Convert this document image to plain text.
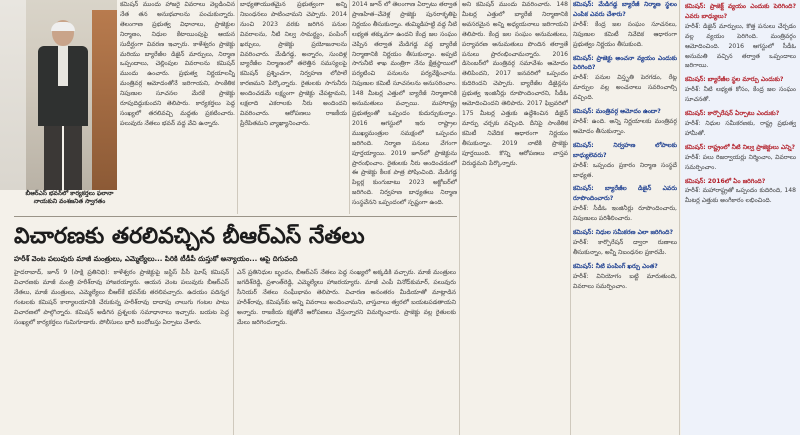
బీఆర్‌ఎస్‌ భవన్‌లో కార్యకర్తలు ఫలానా నాయకుని వంశజనిత స్వాగతం
కమిషన్‌ ముందు హాజరై వివరాలు వెల్లడించిన నేత తన అనుభవాలను పంచుకున్నారు. తెలంగాణ ప్రభుత్వ విధానాలు, ప్రాజెక్టుల నిర్మాణం, నిధుల కేటాయింపుపై ఆయన సుదీర్ఘంగా వివరణ ఇచ్చారు. కాళేశ్వరం ప్రాజెక్టు మరియు బ్యారేజీల డిజైన్‌ మార్పులు, నిర్మాణ ఒప్పందాలు, చెల్లింపుల వివరాలను కమిషన్‌ ముందు ఉంచారు. ప్రభుత్వ నిర్ణయాలన్నీ మంత్రివర్గ ఆమోదంతోనే జరిగాయని, సాంకేతిక నిపుణుల సూచనల మేరకే ప్రాజెక్టు రూపుదిద్దుకుందని తెలిపారు. కార్యకర్తలు పెద్ద సంఖ్యలో తరలివచ్చి మద్దతు ప్రకటించారు. పలువురు నేతలు భవన్‌ వద్ద వేచి ఉన్నారు.
బాధ్యతాయుతమైన ప్రభుత్వంగా అన్ని నిబంధనలు పాటించామని చెప్పారు. 2014 నుంచి 2023 వరకు జరిగిన పనుల వివరాలను, నీటి నిల్వ సామర్థ్యం, పంపింగ్‌ ఖర్చులు, ప్రాజెక్టు ప్రయోజనాలను వివరించారు. మేడిగడ్డ, అన్నారం, సుందిళ్ల బ్యారేజీల నిర్మాణంలో తలెత్తిన సమస్యలపై కమిషన్‌ ప్రశ్నించగా, నిర్వహణ లోపాలే కారణమని పేర్కొన్నారు. రైతులకు సాగునీరు అందించడమే లక్ష్యంగా ప్రాజెక్టు చేపట్టామని, లక్షలాది ఎకరాలకు నీరు అందిందని వివరించారు. ఆరోపణలు రాజకీయ ప్రేరేపితమని వ్యాఖ్యానించారు.
2014 జూన్‌ లో తెలంగాణ ఏర్పాటు తర్వాత ప్రాణహిత–చేవెళ్ల ప్రాజెక్టు పునరాకృతిపై నిర్ణయం తీసుకున్నాం. తుమ్మిడిహట్టి వద్ద నీటి లభ్యత తక్కువగా ఉందని కేంద్ర జల సంఘం చెప్పిన తర్వాత మేడిగడ్డ వద్ద బ్యారేజీ నిర్మాణానికి నిర్ణయం తీసుకున్నాం. అప్పటి సాగునీటి శాఖ మంత్రిగా నేను క్షేత్రస్థాయిలో పర్యటించి పనులను పర్యవేక్షించాను. నిపుణుల కమిటీ సూచనలను అనుసరించాం. 148 మీటర్ల ఎత్తులో బ్యారేజీ నిర్మాణానికి అనుమతులు వచ్చాయి. మహారాష్ట్ర ప్రభుత్వంతో ఒప్పందం కుదుర్చుకున్నాం. 2016 ఆగస్టులో ఇరు రాష్ట్రాల ముఖ్యమంత్రుల సమక్షంలో ఒప్పందం జరిగింది. నిర్మాణ పనులు వేగంగా పూర్తయ్యాయి. 2019 జూన్‌లో ప్రాజెక్టును ప్రారంభించాం. రైతులకు నీరు అందించడంలో ఈ ప్రాజెక్టు కీలక పాత్ర పోషించింది. మేడిగడ్డ పిల్లర్ల కుంగుబాటు 2023 అక్టోబర్‌లో జరిగింది. నిర్వహణ బాధ్యతలు నిర్మాణ సంస్థవేనని ఒప్పందంలో స్పష్టంగా ఉంది.
అని కమిషన్‌ ముందు వివరించారు. 148 మీటర్ల ఎత్తులో బ్యారేజీ నిర్మాణానికి అవసరమైన అన్ని అధ్యయనాలు జరిగాయని తెలిపారు. కేంద్ర జల సంఘం అనుమతులు, పర్యావరణ అనుమతులు పొందిన తర్వాతే పనులు ప్రారంభించామన్నారు. 2016 డిసెంబర్‌లో మంత్రివర్గ సమావేశం ఆమోదం తెలిపిందని, 2017 జనవరిలో ఒప్పందం కుదిరిందని చెప్పారు. బ్యారేజీల డిజైన్లను ప్రభుత్వ ఇంజినీర్లు రూపొందించారని, సీడీఓ ఆమోదించిందని తెలిపారు. 2017 ఫిబ్రవరిలో 175 మీటర్ల ఎత్తుకు ఉద్దేశించిన డిజైన్‌ మార్పు చర్చకు వచ్చింది. దీనిపై సాంకేతిక కమిటీ నివేదిక ఆధారంగా నిర్ణయం తీసుకున్నాం. 2019 నాటికి ప్రాజెక్టు పూర్తయింది. కొన్ని ఆరోపణలు వాస్తవ విరుద్ధమని పేర్కొన్నారు.
కమిషన్‌: మేడిగడ్డ బ్యారేజీ నిర్మాణ స్థలం ఎంపిక ఎవరు చేశారు?
హరీశ్‌: కేంద్ర జల సంఘం సూచనలు, నిపుణుల కమిటీ నివేదిక ఆధారంగా ప్రభుత్వం నిర్ణయం తీసుకుంది.
కమిషన్‌: ప్రాజెక్టు అంచనా వ్యయం ఎందుకు పెరిగింది?
హరీశ్‌: పనుల విస్తృతి పెరగడం, రేట్ల మార్పుల వల్ల అంచనాలు సవరించాల్సి వచ్చింది.
కమిషన్‌: మంత్రివర్గ ఆమోదం ఉందా?
హరీశ్‌: ఉంది. అన్ని నిర్ణయాలకు మంత్రివర్గ ఆమోదం తీసుకున్నాం.
కమిషన్‌: నిర్వహణ లోపాలకు బాధ్యులెవరు?
హరీశ్‌: ఒప్పందం ప్రకారం నిర్మాణ సంస్థదే బాధ్యత.
కమిషన్‌: బ్యారేజీల డిజైన్‌ ఎవరు రూపొందించారు?
హరీశ్‌: సీడీఓ ఇంజినీర్లు రూపొందించారు, నిపుణులు పరిశీలించారు.
కమిషన్‌: నిధుల సమీకరణ ఎలా జరిగింది?
హరీశ్‌: కార్పొరేషన్‌ ద్వారా రుణాలు తీసుకున్నాం, అన్నీ నిబంధనల ప్రకారమే.
కమిషన్‌: నీటి పంపింగ్‌ ఖర్చు ఎంత?
హరీశ్‌: వినియోగం బట్టి మారుతుంది, వివరాలు సమర్పించాం.
కమిషన్‌: ప్రాజెక్ట్‌ వ్యయం ఎందుకు పెరిగింది? ఎవరు బాధ్యులు?
హరీశ్‌: డిజైన్‌ మార్పులు, కొత్త పనులు చేర్చడం వల్ల వ్యయం పెరిగింది. మంత్రివర్గం ఆమోదించింది. 2016 ఆగస్టులో సీడీఓ అనుమతి వచ్చిన తర్వాత ఒప్పందాలు జరిగాయి.
కమిషన్‌: బ్యారేజీల స్థల మార్పు ఎందుకు?
హరీశ్‌: నీటి లభ్యత కోసం, కేంద్ర జల సంఘం సూచనతో.
కమిషన్‌: కార్పొరేషన్‌ ఏర్పాటు ఎందుకు?
హరీశ్‌: నిధుల సమీకరణకు, రాష్ట్ర ప్రభుత్వ హామీతో.
కమిషన్‌: రాష్ట్రంలో నీటి నిల్వ ప్రాజెక్టులు ఎన్ని?
హరీశ్‌: పలు రిజర్వాయర్లు నిర్మించాం, వివరాలు సమర్పించాం.
కమిషన్‌: 2016లో ఏం జరిగింది?
హరీశ్‌: మహారాష్ట్రతో ఒప్పందం కుదిరింది, 148 మీటర్ల ఎత్తుకు అంగీకారం లభించింది.
విచారణకు తరలివచ్చిన బీఆర్‌ఎస్‌ నేతలు
హరీశ్‌ వెంట పలువురు మాజీ మంత్రులు, ఎమ్మెల్యేలు... పిరికి టీడీపీ దుస్తుకో అన్యాయం... ఆపై దిగువంది
హైదరాబాద్‌, జూన్‌ 9 (సాక్షి ప్రతినిధి): కాళేశ్వరం ప్రాజెక్టుపై జస్టిస్‌ పీసీ ఘోష్‌ కమిషన్‌ విచారణకు మాజీ మంత్రి హరీశ్‌రావు హాజరయ్యారు. ఆయన వెంట పలువురు బీఆర్‌ఎస్‌ నేతలు, మాజీ మంత్రులు, ఎమ్మెల్యేలు బీఆర్‌కే భవన్‌కు తరలివచ్చారు. ఉదయం పదిన్నర గంటలకు కమిషన్‌ కార్యాలయానికి చేరుకున్న హరీశ్‌రావు దాదాపు నాలుగు గంటల పాటు విచారణలో పాల్గొన్నారు. కమిషన్‌ అడిగిన ప్రశ్నలకు సమాధానాలు ఇచ్చారు. బయట పెద్ద సంఖ్యలో కార్యకర్తలు గుమిగూడారు. పోలీసులు భారీ బందోబస్తు ఏర్పాటు చేశారు.
ఎన్‌ ప్రతినిధుల బృందం, బీఆర్‌ఎస్‌ నేతలు పెద్ద సంఖ్యలో అక్కడికి వచ్చారు. మాజీ మంత్రులు జగదీశ్‌రెడ్డి, ప్రశాంత్‌రెడ్డి, ఎమ్మెల్యేలు హాజరయ్యారు. మాజీ ఎంపీ వినోద్‌కుమార్‌, పలువురు సీనియర్‌ నేతలు సంఘీభావం తెలిపారు. విచారణ అనంతరం మీడియాతో మాట్లాడిన హరీశ్‌రావు, కమిషన్‌కు అన్ని వివరాలు అందించామని, వాస్తవాలు త్వరలో బయటపడతాయని అన్నారు. రాజకీయ కక్షతోనే ఆరోపణలు చేస్తున్నారని విమర్శించారు. ప్రాజెక్టు వల్ల రైతులకు మేలు జరిగిందన్నారు.
